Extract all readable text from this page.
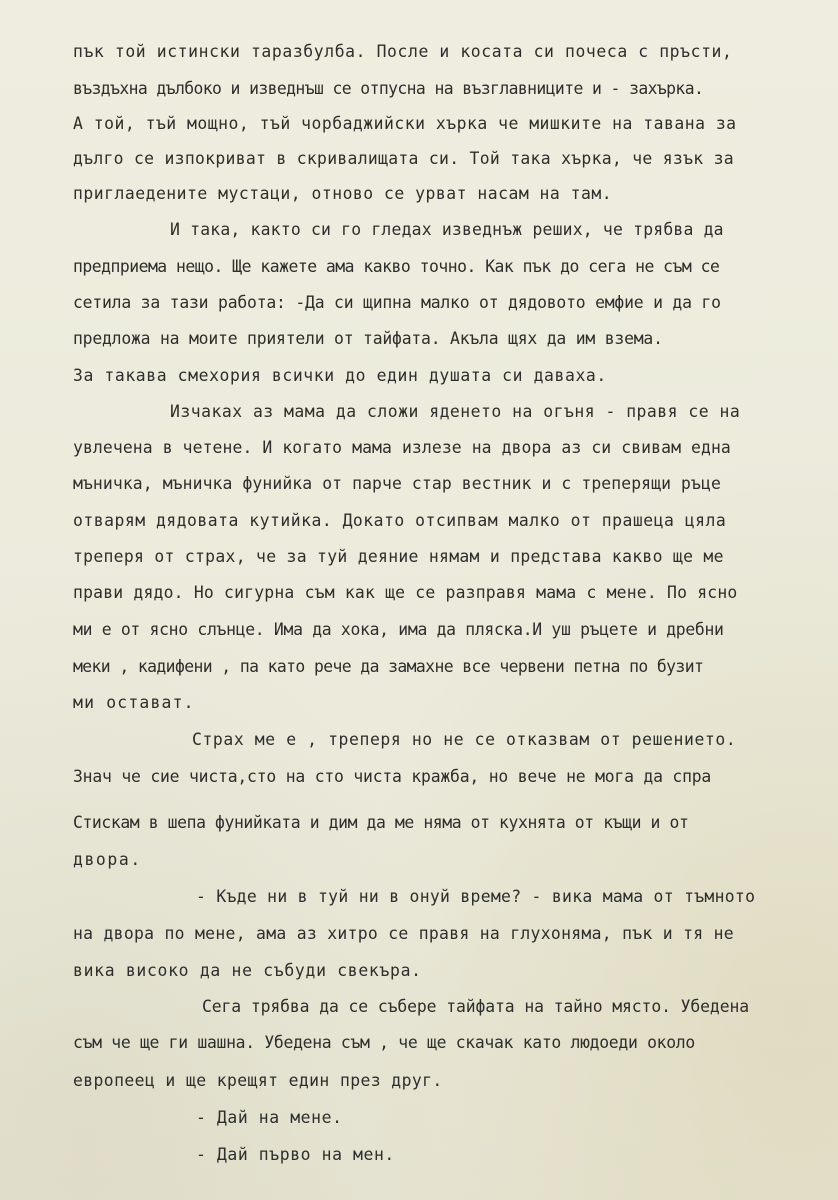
пък той истински таразбулба. После и косата си почеса с пръсти,
въздъхна дълбоко и изведнъш се отпусна на възглавниците и - захърка.
А той, тъй мощно, тъй чорбаджийски хърка че мишките на тавана за
дълго се изпокриват в скривалищата си. Той така хърка, че язък за
приглаедените мустаци, отново се урват насам на там.
И така, както си го гледах изведнъж реших, че трябва да
предприема нещо. Ще кажете ама какво точно. Как пък до сега не съм се
сетила за тази работа: -Да си щипна малко от дядовото емфие и да го
предложа на моите приятели от тайфата. Акъла щях да им взема.
За такава смехория всички до един душата си даваха.
Изчаках аз мама да сложи яденето на огъня - правя се на
увлечена в четене. И когато мама излезе на двора аз си свивам една
мъничка, мъничка фунийка от парче стар вестник и с треперящи ръце
отварям дядовата кутийка. Докато отсипвам малко от прашеца цяла
треперя от страх, че за туй деяние нямам и представа какво ще ме
прави дядо. Но сигурна съм как ще се разправя мама с мене. По ясно
ми е от ясно слънце. Има да хока, има да пляска.И уш ръцете и дребни
меки , кадифени , па като рече да замахне все червени петна по бузит
ми остават.
Страх ме е , треперя но не се отказвам от решението.
Знач че сие чиста,сто на сто чиста кражба, но вече не мога да спра
Стискам в шепа фунийката и дим да ме няма от кухнята от къщи и от
двора.
- Къде ни в туй ни в онуй време? - вика мама от тъмното
на двора по мене, ама аз хитро се правя на глухоняма, пък и тя не
вика високо да не събуди свекъра.
Сега трябва да се събере тайфата на тайно място. Убедена
съм че ще ги шашна. Убедена съм , че ще скачак като людоеди около
европеец и ще крещят един през друг.
- Дай на мене.
- Дай първо на мен.
